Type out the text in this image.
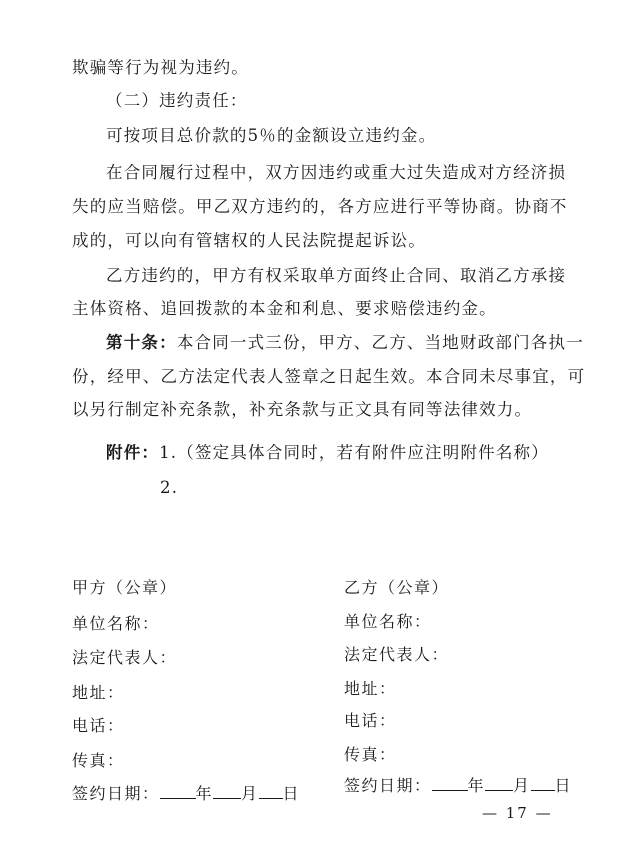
欺骗等行为视为违约。
（二）违约责任：
可按项目总价款的5％的金额设立违约金。
在合同履行过程中，双方因违约或重大过失造成对方经济损
失的应当赔偿。甲乙双方违约的，各方应进行平等协商。协商不
成的，可以向有管辖权的人民法院提起诉讼。
乙方违约的，甲方有权采取单方面终止合同、取消乙方承接
主体资格、追回拨款的本金和利息、要求赔偿违约金。
第十条：本合同一式三份，甲方、乙方、当地财政部门各执一
份，经甲、乙方法定代表人签章之日起生效。本合同未尽事宜，可
以另行制定补充条款，补充条款与正文具有同等法律效力。
附件：1.（签定具体合同时，若有附件应注明附件名称）
2.
甲方（公章）
单位名称：
法定代表人：
地址：
电话：
传真：
签约日期： 年 月 日
乙方（公章）
单位名称：
法定代表人：
地址：
电话：
传真：
签约日期： 年 月 日
— 17 —
